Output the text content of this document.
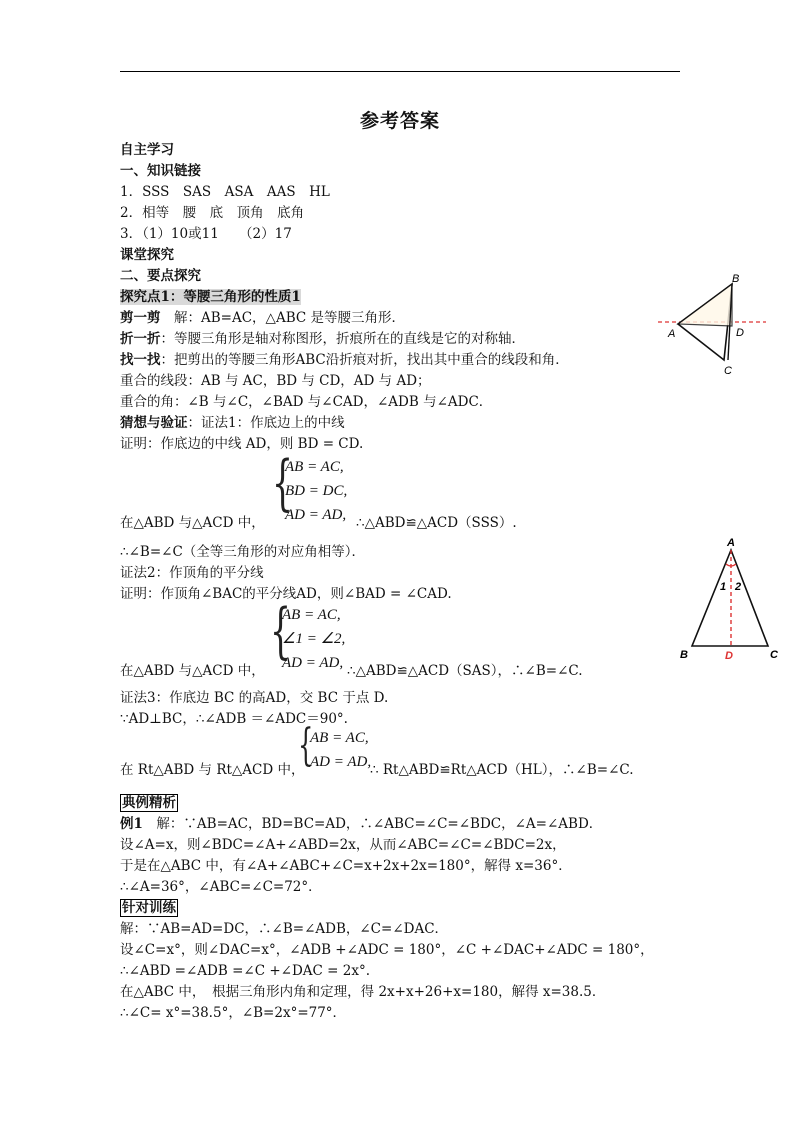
参考答案
自主学习
一、知识链接
1．SSS　SAS　ASA　AAS　HL
2．相等　腰　底　顶角　底角
3．（1）10或11　　（2）17
课堂探究
二、要点探究
探究点1：等腰三角形的性质1
剪一剪　解：AB=AC，△ABC 是等腰三角形．
折一折：等腰三角形是轴对称图形，折痕所在的直线是它的对称轴．
找一找：把剪出的等腰三角形ABC沿折痕对折，找出其中重合的线段和角．
重合的线段：AB 与 AC，BD 与 CD，AD 与 AD；
重合的角：∠B 与∠C，∠BAD 与∠CAD，∠ADB 与∠ADC．
猜想与验证：证法1：作底边上的中线
证明：作底边的中线 AD，则 BD = CD.
{
AB = AC,
BD = DC,
AD = AD,
在△ABD 与△ACD 中，	∴△ABD≌△ACD（SSS）.
∴∠B=∠C（全等三角形的对应角相等）．
证法2：作顶角的平分线
证明：作顶角∠BAC的平分线AD，则∠BAD = ∠CAD.
{
AB = AC,
∠1 = ∠2,
AD = AD,
在△ABD 与△ACD 中，	∴△ABD≌△ACD（SAS），∴∠B=∠C.
证法3：作底边 BC 的高AD，交 BC 于点 D.
∵AD⊥BC，∴∠ADB ＝∠ADC＝90°.
{
AB = AC,
AD = AD,
在 Rt△ABD 与 Rt△ACD 中，	∴ Rt△ABD≌Rt△ACD（HL），∴∠B=∠C.
典例精析
例1　解：∵AB=AC，BD=BC=AD，∴∠ABC=∠C=∠BDC，∠A=∠ABD．
设∠A=x，则∠BDC=∠A+∠ABD=2x，从而∠ABC=∠C=∠BDC=2x，
于是在△ABC 中，有∠A+∠ABC+∠C=x+2x+2x=180°，解得 x=36°．
∴∠A=36°，∠ABC=∠C=72°．
针对训练
解：∵AB=AD=DC，∴∠B=∠ADB，∠C=∠DAC．
设∠C=x°，则∠DAC=x°，∠ADB +∠ADC = 180°，∠C +∠DAC+∠ADC = 180°，
∴∠ABD =∠ADB =∠C +∠DAC = 2x°.
在△ABC 中，　根据三角形内角和定理，得 2x+x+26+x=180，解得 x=38.5．
∴∠C= x°=38.5°，∠B=2x°=77°．
B
A	D
C
A
1 2
B	D	C
